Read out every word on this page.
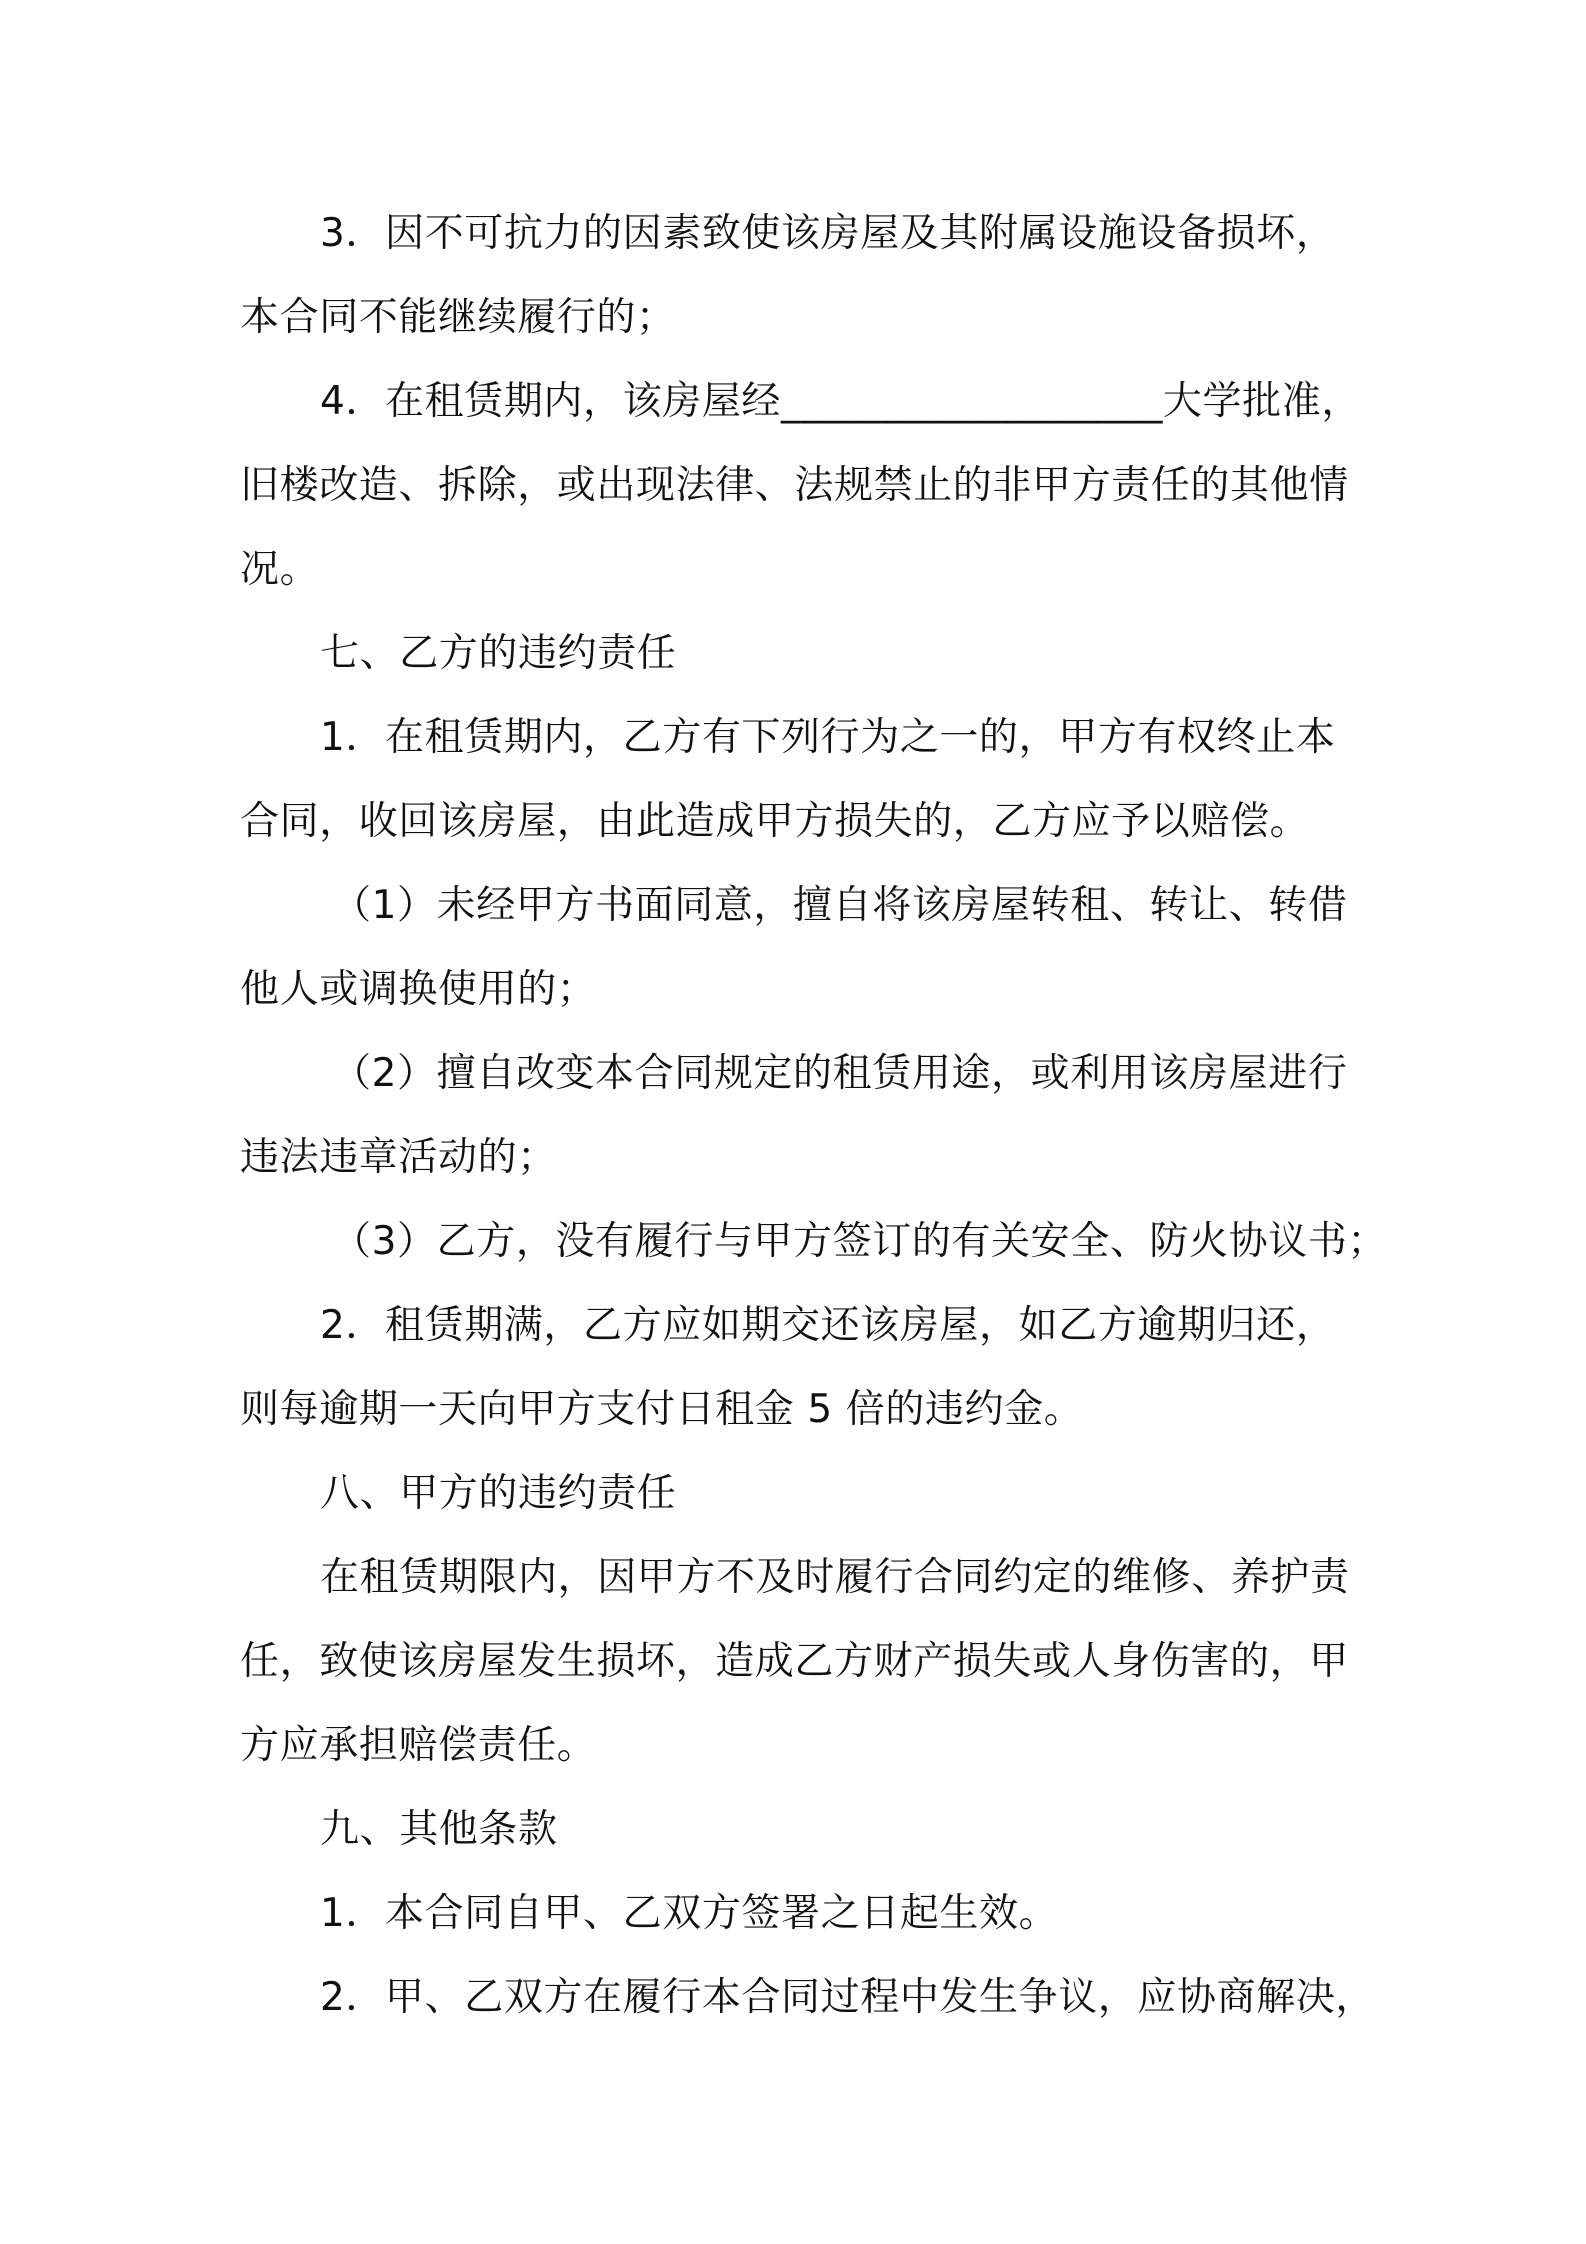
3．因不可抗力的因素致使该房屋及其附属设施设备损坏，
本合同不能继续履行的；
4．在租赁期内，该房屋经___________________大学批准，
旧楼改造、拆除，或出现法律、法规禁止的非甲方责任的其他情
况。
七、乙方的违约责任
1．在租赁期内，乙方有下列行为之一的，甲方有权终止本
合同，收回该房屋，由此造成甲方损失的，乙方应予以赔偿。
（1）未经甲方书面同意，擅自将该房屋转租、转让、转借
他人或调换使用的；
（2）擅自改变本合同规定的租赁用途，或利用该房屋进行
违法违章活动的；
（3）乙方，没有履行与甲方签订的有关安全、防火协议书；
2．租赁期满，乙方应如期交还该房屋，如乙方逾期归还，
则每逾期一天向甲方支付日租金 5 倍的违约金。
八、甲方的违约责任
在租赁期限内，因甲方不及时履行合同约定的维修、养护责
任，致使该房屋发生损坏，造成乙方财产损失或人身伤害的，甲
方应承担赔偿责任。
九、其他条款
1．本合同自甲、乙双方签署之日起生效。
2．甲、乙双方在履行本合同过程中发生争议，应协商解决，
